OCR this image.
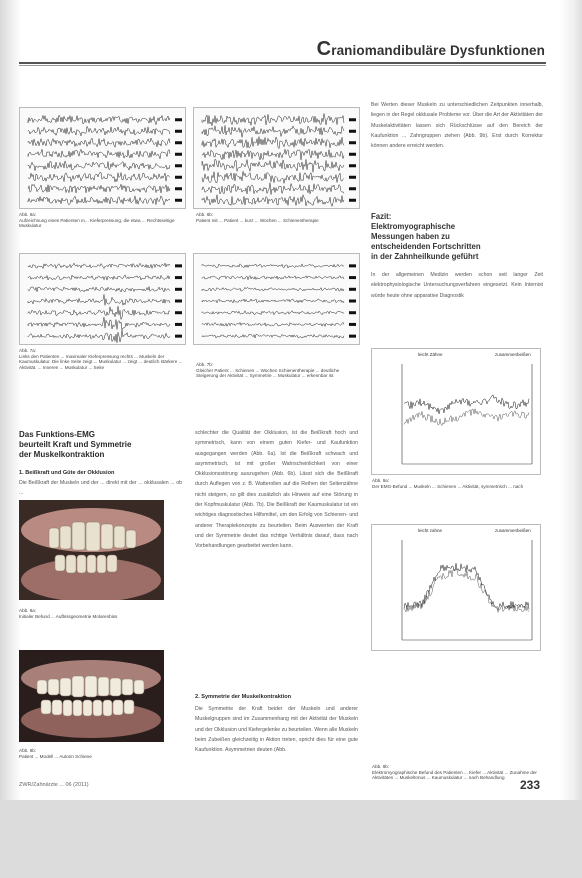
Craniomandibuläre Dysfunktionen
Abb. 6a:
Aufzeichnung eines Patienten m... Kieferpressung, die etwa ... Rechtsseitige Muskulatur
Abb. 6b:
Patient mit ... Patient ... kurz ... Wochen ... Schienentherapie
Abb. 7a:
Links den Patienten ... maximaler Kieferpressung rechts ... Muskeln der Kaumuskulatur. Die linke Seite zeigt ... Muskulatur ... zeigt ... deutlich stärkere ... Aktivität. ... Inneren ... Muskulatur ... Seite
Abb. 7b:
Gleicher Patient ... Schienen ... Wochen Schienentherapie ... deutliche Steigerung der Aktivität ... Symmetrie ... Muskulatur ... erkennbar ist
Das Funktions-EMG
beurteilt Kraft und Symmetrie
der Muskelkontraktion
1. Beißkraft und Güte der Okklusion
Die Beißkraft der Muskeln und der ... direkt mit der ... okklusalen ... ob ...
Abb. 8a:
Initialer Befund ... Aufbissgeometrie Molarenbiss
Abb. 8b:
Patient ... Modell ... Autorin Schiene
schlechter die Qualität der Okklusion, ist die Beißkraft hoch und symmetrisch, kann von einem guten Kiefer- und Kaufunktion ausgegangen werden (Abb. 6a). Ist die Beißkraft schwach und asymmetrisch, ist mit großer Wahrscheinlichkeit von einer Okklusionsstörung auszugehen (Abb. 6b). Lässt sich die Beißkraft durch Auflegen von z. B. Watterollen auf die Reihen der Seitenzähne nicht steigern, so gilt dies zusätzlich als Hinweis auf eine Störung in der Kopfmuskulatur (Abb. 7b). Die Beißkraft der Kaumuskulatur ist ein wichtiges diagnostisches Hilfsmittel, um den Erfolg von Schienen- und anderer Therapiekonzepte zu beurteilen. Beim Auswerten der Kraft und der Symmetrie deutet das richtige Verhältnis darauf, dass nach Vorbehandlungen gearbeitet werden kann.
2. Symmetrie der Muskelkontraktion
Die Symmetrie der Kraft beider der Muskeln und anderer Muskelgruppen sind im Zusammenhang mit der Aktivität der Muskeln und der Okklusion und Kiefergelenke zu beurteilen. Wenn alle Muskeln beim Zubeißen gleichzeitig in Aktion treten, spricht dies für eine gute Kaufunktion. Asymmetrien deuten (Abb.
Bei Werten dieser Muskeln zu unterschiedlichen Zeitpunkten innerhalb, liegen in der Regel okklusale Probleme vor. Über die Art der Aktivitäten der Muskelaktivitäten lassen sich Rückschlüsse auf den Bereich der Kaufunktion ... Zahngruppen ziehen (Abb. 9b). Erst durch Korrektur können andere erreicht werden.
Fazit:
Elektromyographische
Messungen haben zu
entscheidenden Fortschritten
in der Zahnheilkunde geführt
In der allgemeinen Medizin werden schon seit langer Zeit elektrophysiologische Untersuchungsverfahren eingesetzt. Kein Internist würde heute ohne apparative Diagnostik
Abb. 9a:
Der EMG-Befund ... Muskeln ... Schienen ... Aktivität, symmetrisch ... nach
Abb. 9b:
Elektromyographische Befund des Patienten ... Kiefer ... Aktivität ... Zunahme der Aktivitäten ... Muskeltonus ... Kaumuskulatur ... nach Behandlung
leicht Zähne	zusammenbeißen
leicht zahne	zusammenbeißen
ZWR/Zahnärzte ... 06 (2011)	233
